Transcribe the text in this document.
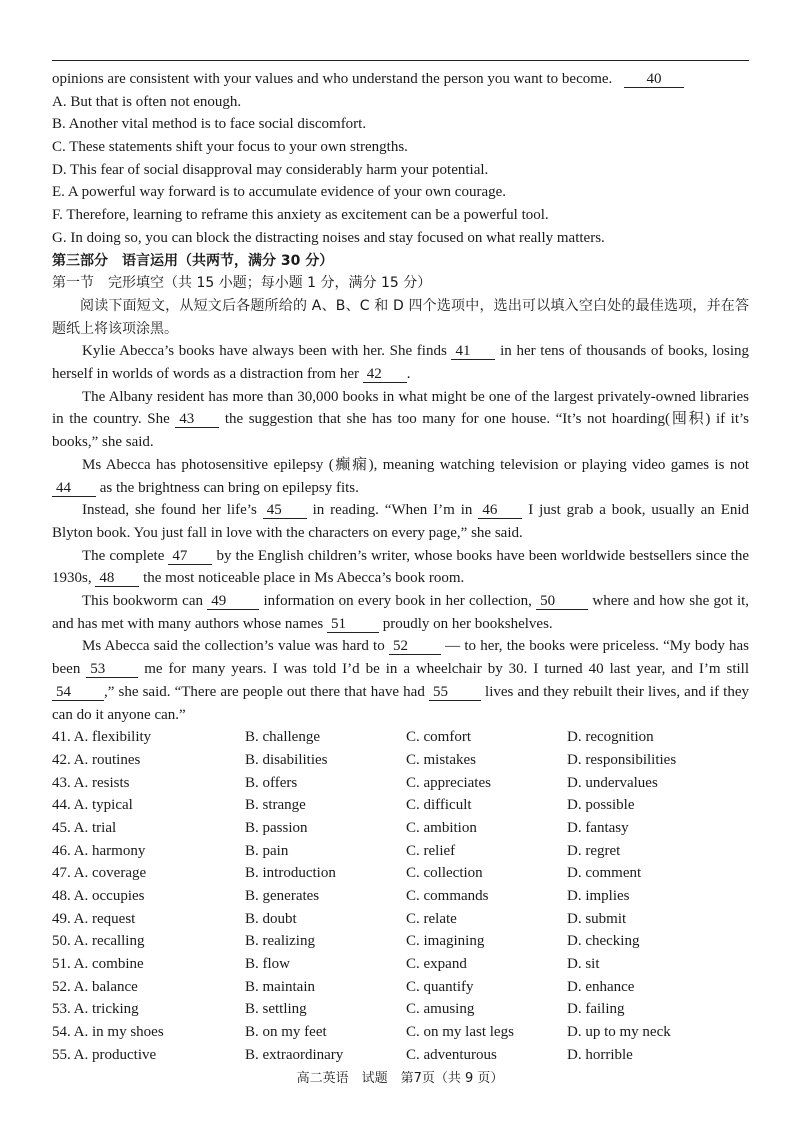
opinions are consistent with your values and who understand the person you want to become. 40
A. But that is often not enough.
B. Another vital method is to face social discomfort.
C. These statements shift your focus to your own strengths.
D. This fear of social disapproval may considerably harm your potential.
E. A powerful way forward is to accumulate evidence of your own courage.
F. Therefore, learning to reframe this anxiety as excitement can be a powerful tool.
G. In doing so, you can block the distracting noises and stay focused on what really matters.
第三部分　语言运用（共两节，满分 30 分）
第一节　完形填空（共 15 小题；每小题 1 分，满分 15 分）
阅读下面短文，从短文后各题所给的 A、B、C 和 D 四个选项中，选出可以填入空白处的最佳选项，并在答题纸上将该项涂黑。
Kylie Abecca’s books have always been with her. She finds 41 in her tens of thousands of books, losing herself in worlds of words as a distraction from her 42 .
The Albany resident has more than 30,000 books in what might be one of the largest privately-owned libraries in the country. She 43 the suggestion that she has too many for one house. “It’s not hoarding(囤积) if it’s books,” she said.
Ms Abecca has photosensitive epilepsy (癫痫), meaning watching television or playing video games is not 44 as the brightness can bring on epilepsy fits.
Instead, she found her life’s 45 in reading. “When I’m in 46 I just grab a book, usually an Enid Blyton book. You just fall in love with the characters on every page,” she said.
The complete 47 by the English children’s writer, whose books have been worldwide bestsellers since the 1930s, 48 the most noticeable place in Ms Abecca’s book room.
This bookworm can 49 information on every book in her collection, 50 where and how she got it, and has met with many authors whose names 51 proudly on her bookshelves.
Ms Abecca said the collection’s value was hard to 52 — to her, the books were priceless. “My body has been 53	me for many years. I was told I’d be in a wheelchair by 30. I turned 40 last year, and I’m still 54 ,” she said. “There are people out there that have had 55 lives and they rebuilt their lives, and if they can do it anyone can.”
41. A. flexibility	B. challenge	C. comfort	D. recognition
42. A. routines	B. disabilities	C. mistakes	D. responsibilities
43. A. resists	B. offers	C. appreciates	D. undervalues
44. A. typical	B. strange	C. difficult	D. possible
45. A. trial	B. passion	C. ambition	D. fantasy
46. A. harmony	B. pain	C. relief	D. regret
47. A. coverage	B. introduction	C. collection	D. comment
48. A. occupies	B. generates	C. commands	D. implies
49. A. request	B. doubt	C. relate	D. submit
50. A. recalling	B. realizing	C. imagining	D. checking
51. A. combine	B. flow	C. expand	D. sit
52. A. balance	B. maintain	C. quantify	D. enhance
53. A. tricking	B. settling	C. amusing	D. failing
54. A. in my shoes	B. on my feet	C. on my last legs	D. up to my neck
55. A. productive	B. extraordinary	C. adventurous	D. horrible
高二英语　试题　第7页（共 9 页）
